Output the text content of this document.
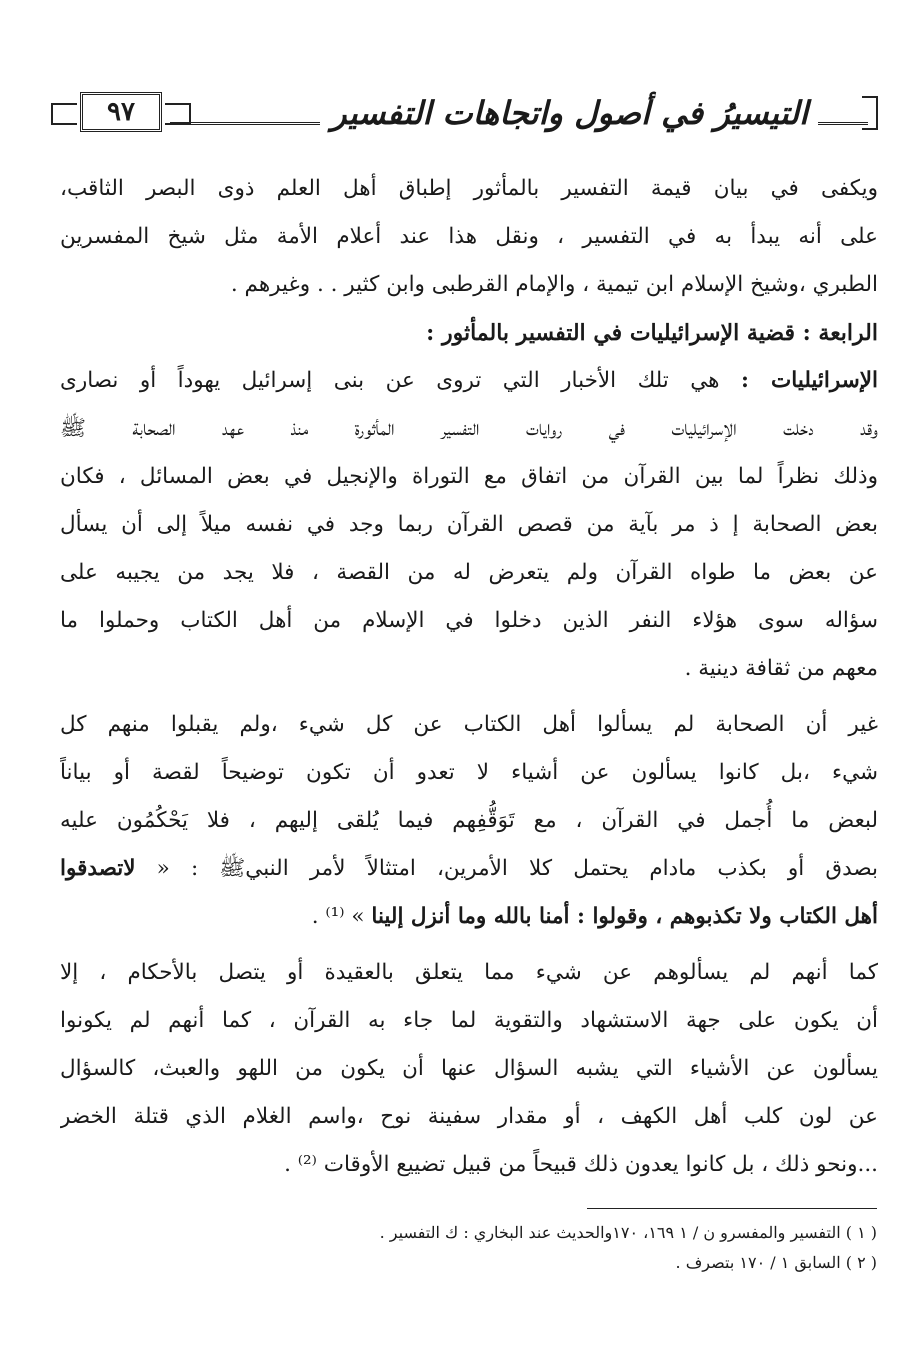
٩٧	التيسيرُ في أصول واتجاهات التفسير
ويكفى في بيان قيمة التفسير بالمأثور إطباق أهل العلم ذوى البصر الثاقب،
على أنه يبدأ به في التفسير ، ونقل هذا عند أعلام الأمة مثل شيخ المفسرين
الطبري ،وشيخ الإسلام ابن تيمية ، والإمام القرطبى وابن كثير . . وغيرهم .
الرابعة : قضية الإسرائيليات في التفسير بالمأثور :
الإسرائيليات : هي تلك الأخبار التي تروى عن بنى إسرائيل يهوداً أو نصارى
وقد دخلت الإسرائيليات في روايات التفسير المأثورة منذ عهد الصحابة ﷺ
وذلك نظراً لما بين القرآن من اتفاق مع التوراة والإنجيل في بعض المسائل ، فكان
بعض الصحابة إ ذ مر بآية من قصص القرآن ربما وجد في نفسه ميلاً إلى أن يسأل
عن بعض ما طواه القرآن ولم يتعرض له من القصة ، فلا يجد من يجيبه على
سؤاله سوى هؤلاء النفر الذين دخلوا في الإسلام من أهل الكتاب وحملوا ما
معهم من ثقافة دينية .
غير أن الصحابة لم يسألوا أهل الكتاب عن كل شيء ،ولم يقبلوا منهم كل
شيء ،بل كانوا يسألون عن أشياء لا تعدو أن تكون توضيحاً لقصة أو بياناً
لبعض ما أُجمل في القرآن ، مع تَوَقُّفِهم فيما يُلقى إليهم ، فلا يَحْكُمُون عليه
بصدق أو بكذب مادام يحتمل كلا الأمرين، امتثالاً لأمر النبيﷺ : « لاتصدقوا
أهل الكتاب ولا تكذبوهم ، وقولوا : أمنا بالله وما أنزل إلينا » ⁽¹⁾ .
كما أنهم لم يسألوهم عن شيء مما يتعلق بالعقيدة أو يتصل بالأحكام ، إلا
أن يكون على جهة الاستشهاد والتقوية لما جاء به القرآن ، كما أنهم لم يكونوا
يسألون عن الأشياء التي يشبه السؤال عنها أن يكون من اللهو والعبث، كالسؤال
عن لون كلب أهل الكهف ، أو مقدار سفينة نوح ،واسم الغلام الذي قتلة الخضر
...ونحو ذلك ، بل كانوا يعدون ذلك قبيحاً من قبيل تضييع الأوقات ⁽²⁾ .
( ١ ) التفسير والمفسرو ن / ١ ١٦٩، ١٧٠والحديث عند البخاري : ك التفسير .
( ٢ ) السابق ١ / ١٧٠ بتصرف .
